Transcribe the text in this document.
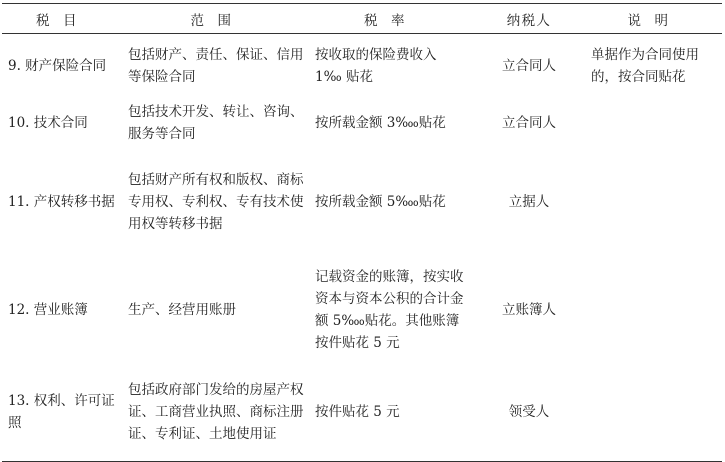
税目	范围	税率	纳税人	说明
9. 财产保险合同	包括财产、责任、保证、信用等保险合同	按收取的保险费收入 1‰ 贴花	立合同人	单据作为合同使用的，按合同贴花
10. 技术合同	包括技术开发、转让、咨询、服务等合同	按所载金额 3‱贴花	立合同人	
11. 产权转移书据	包括财产所有权和版权、商标专用权、专利权、专有技术使用权等转移书据	按所载金额 5‱贴花	立据人	
12. 营业账簿	生产、经营用账册	记载资金的账簿，按实收资本与资本公积的合计金额 5‱贴花。其他账簿按件贴花 5 元	立账簿人	
13. 权利、许可证照	包括政府部门发给的房屋产权证、工商营业执照、商标注册证、专利证、土地使用证	按件贴花 5 元	领受人	
